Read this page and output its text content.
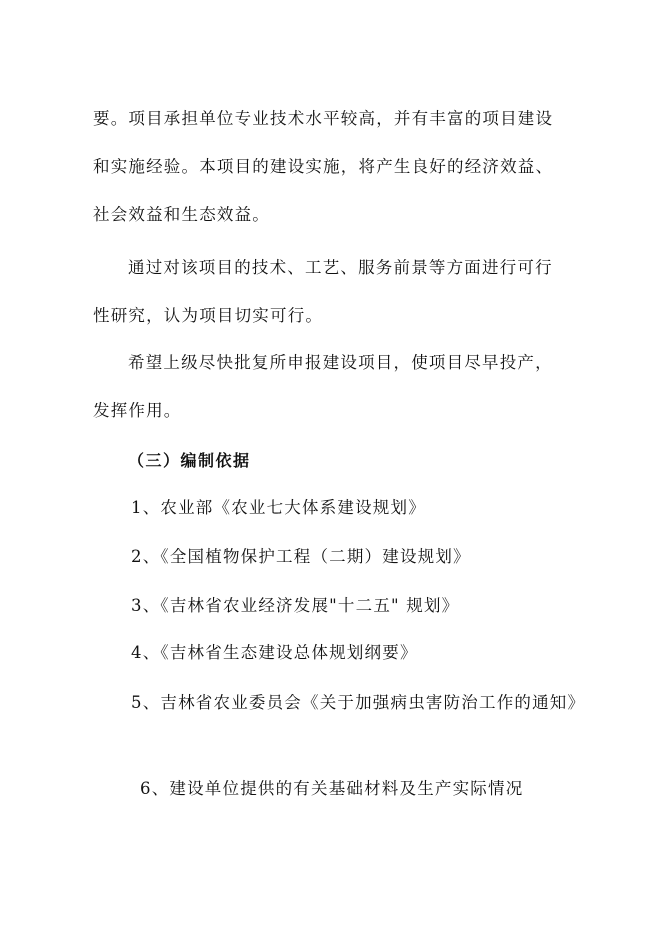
要。项目承担单位专业技术水平较高，并有丰富的项目建设
和实施经验。本项目的建设实施，将产生良好的经济效益、
社会效益和生态效益。
通过对该项目的技术、工艺、服务前景等方面进行可行
性研究，认为项目切实可行。
希望上级尽快批复所申报建设项目，使项目尽早投产，
发挥作用。
（三）编制依据
1、农业部《农业七大体系建设规划》
2、《全国植物保护工程（二期）建设规划》
3、《吉林省农业经济发展"十二五" 规划》
4、《吉林省生态建设总体规划纲要》
5、吉林省农业委员会《关于加强病虫害防治工作的通知》
6、建设单位提供的有关基础材料及生产实际情况
